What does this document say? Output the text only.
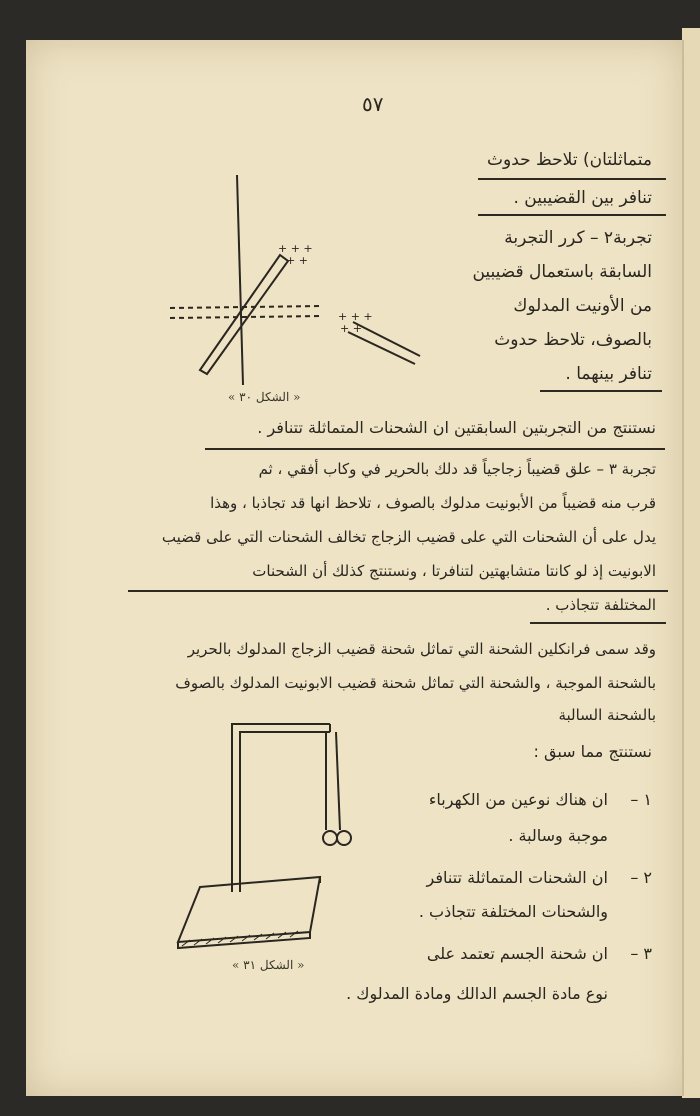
٥٧
متماثلتان) تلاحظ حدوث
تنافر بين القضيبين .
تجربة٢ – كرر التجربة
السابقة باستعمال قضيبين
من الأونيت المدلوك
بالصوف، تلاحظ حدوث
تنافر بينهما .
+ + +
+ +
+ + +
+ +
« الشكل ٣٠ »
نستنتج من التجربتين السابقتين ان الشحنات المتماثلة تتنافر .
تجربة ٣ – علق قضيباً زجاجياً قد دلك بالحرير في وكاب أفقي ، ثم
قرب منه قضيباً من الأبونيت مدلوك بالصوف ، تلاحظ انها قد تجاذبا ، وهذا
يدل على أن الشحنات التي على قضيب الزجاج تخالف الشحنات التي على قضيب
الابونيت إذ لو كانتا متشابهتين لتنافرتا ، ونستنتج كذلك أن الشحنات
المختلفة تتجاذب .
وقد سمى فرانكلين الشحنة التي تماثل شحنة قضيب الزجاج المدلوك بالحرير
بالشحنة الموجبة ، والشحنة التي تماثل شحنة قضيب الابونيت المدلوك بالصوف
بالشحنة السالبة
نستنتج مما سبق :
١ –
ان هناك نوعين من الكهرباء
موجبة وسالبة .
٢ –
ان الشحنات المتماثلة تتنافر
والشحنات المختلفة تتجاذب .
٣ –
ان شحنة الجسم تعتمد على
نوع مادة الجسم الدالك ومادة المدلوك .
« الشكل ٣١ »
